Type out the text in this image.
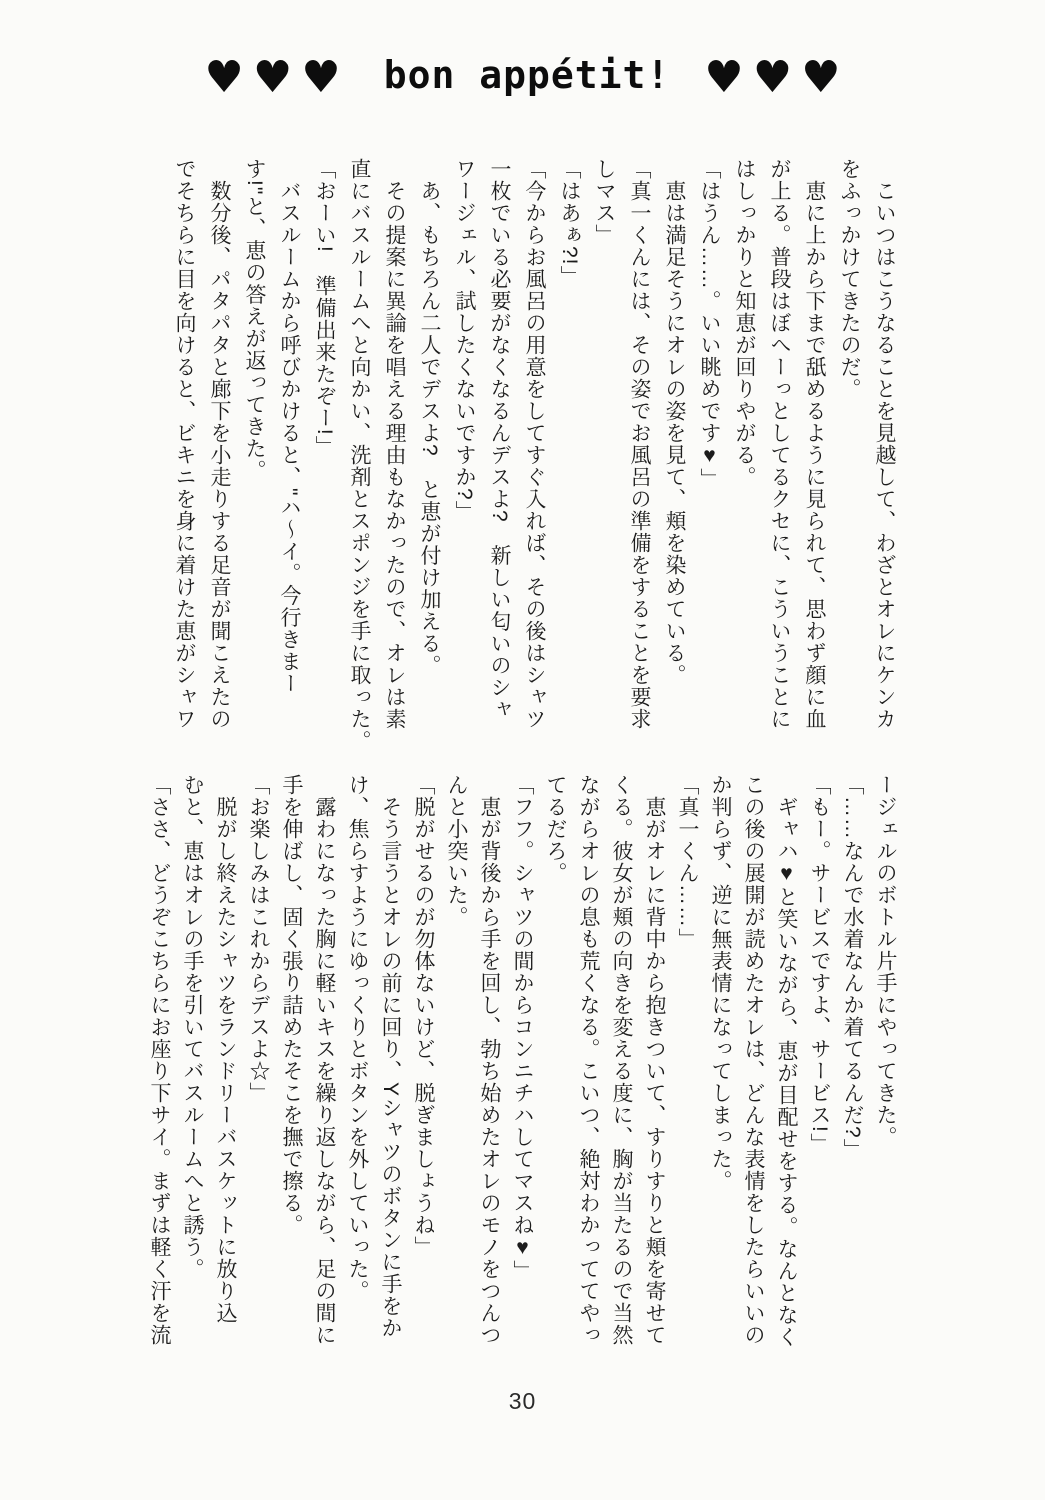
♥♥♥ bon appétit! ♥♥♥
こいつはこうなることを見越して、わざとオレにケンカ
をふっかけてきたのだ。
恵に上から下まで舐めるように見られて、思わず顔に血
が上る。普段はぼへーっとしてるクセに、こういうことに
はしっかりと知恵が回りやがる。
「はうん……。いい眺めです♥」
恵は満足そうにオレの姿を見て、頬を染めている。
「真一くんには、その姿でお風呂の準備をすることを要求
しマス」
「はあぁ?!」
「今からお風呂の用意をしてすぐ入れば、その後はシャツ
一枚でいる必要がなくなるんデスよ?　新しい匂いのシャ
ワージェル、試したくないですか?」
あ、もちろん二人でデスよ?　と恵が付け加える。
その提案に異論を唱える理由もなかったので、オレは素
直にバスルームへと向かい、洗剤とスポンジを手に取った。
「おーい!　準備出来たぞー!」
バスルームから呼びかけると、"ハ〜イ。今行きまー
す!"と、恵の答えが返ってきた。
数分後、パタパタと廊下を小走りする足音が聞こえたの
でそちらに目を向けると、ビキニを身に着けた恵がシャワ
ージェルのボトル片手にやってきた。
「……なんで水着なんか着てるんだ?」
「もー。サービスですよ、サービス!」
ギャハ♥と笑いながら、恵が目配せをする。なんとなく
この後の展開が読めたオレは、どんな表情をしたらいいの
か判らず、逆に無表情になってしまった。
「真一くん……」
恵がオレに背中から抱きついて、すりすりと頬を寄せて
くる。彼女が頬の向きを変える度に、胸が当たるので当然
ながらオレの息も荒くなる。こいつ、絶対わかっててやっ
てるだろ。
「フフ。シャツの間からコンニチハしてマスね♥」
恵が背後から手を回し、勃ち始めたオレのモノをつんつ
んと小突いた。
「脱がせるのが勿体ないけど、脱ぎましょうね」
そう言うとオレの前に回り、Yシャツのボタンに手をか
け、焦らすようにゆっくりとボタンを外していった。
露わになった胸に軽いキスを繰り返しながら、足の間に
手を伸ばし、固く張り詰めたそこを撫で擦る。
「お楽しみはこれからデスよ☆」
脱がし終えたシャツをランドリーバスケットに放り込
むと、恵はオレの手を引いてバスルームへと誘う。
「ささ、どうぞこちらにお座り下サイ。まずは軽く汗を流
30
